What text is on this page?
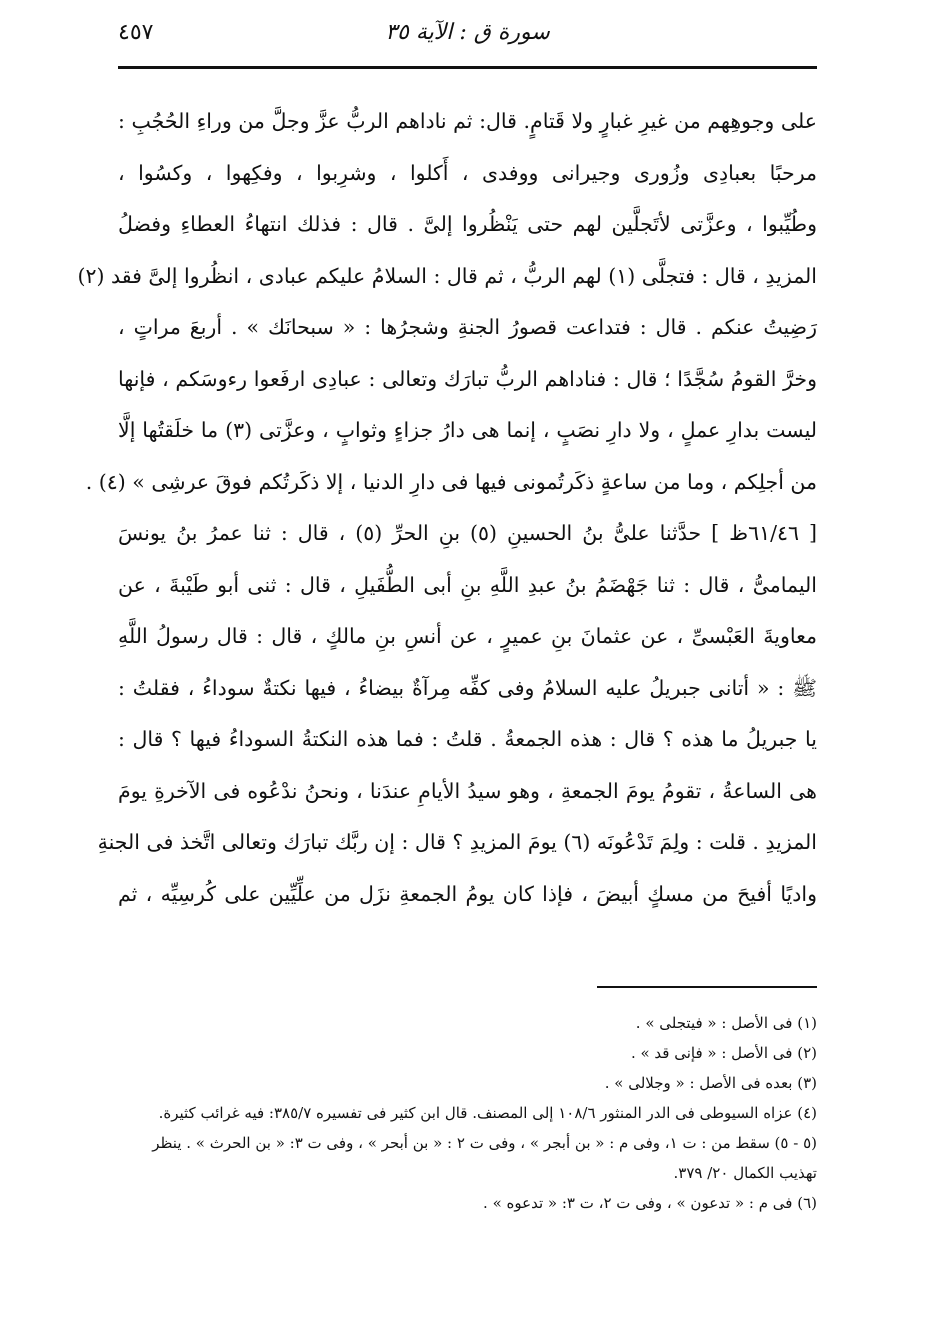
سورة ق : الآية ٣٥
٤٥٧
على وجوهِهم من غيرِ غبارٍ ولا قَتامٍ. قال: ثم ناداهم الربُّ عزَّ وجلَّ من وراءِ الحُجُبِ :
مرحبًا بعبادِى وزُورى وجيرانى ووفدى ، أَكلوا ، وشرِبوا ، وفكِهوا ، وكسُوا ،
وطُيِّبوا ، وعزَّتى لأتَجلَّين لهم حتى يَنْظُروا إلىَّ . قال : فذلك انتهاءُ العطاءِ وفضلُ
المزيدِ ، قال : فتجلَّى (١) لهم الربُّ ، ثم قال : السلامُ عليكم عبادى ، انظُروا إلىَّ فقد (٢)
رَضِيتُ عنكم . قال : فتداعت قصورُ الجنةِ وشجرُها : « سبحانَك » . أربعَ مراتٍ ،
وخرَّ القومُ سُجَّدًا ؛ قال : فناداهم الربُّ تبارَك وتعالى : عبادِى ارفَعوا رءوسَكم ، فإنها
ليست بدارِ عملٍ ، ولا دارِ نصَبٍ ، إنما هى دارُ جزاءٍ وثوابٍ ، وعزَّتى (٣) ما خلَقتُها إلَّا
من أجلِكم ، وما من ساعةٍ ذكَرتُمونى فيها فى دارِ الدنيا ، إلا ذكَرتُكم فوقَ عرشِى » (٤) .
[ ٦١/٤٦ظ ] حدَّثنا علىُّ بنُ الحسينِ (٥) بنِ الحرِّ (٥) ، قال : ثنا عمرُ بنُ يونسَ
اليمامىُّ ، قال : ثنا جَهْضَمُ بنُ عبدِ اللَّهِ بنِ أبى الطُّفَيلِ ، قال : ثنى أبو طَيْبةَ ، عن
معاويةَ العَبْسىِّ ، عن عثمانَ بنِ عميرٍ ، عن أنسِ بنِ مالكٍ ، قال : قال رسولُ اللَّهِ
ﷺ : « أتانى جبريلُ عليه السلامُ وفى كفِّه مِرآةٌ بيضاءُ ، فيها نكتةٌ سوداءُ ، فقلتُ :
يا جبريلُ ما هذه ؟ قال : هذه الجمعةُ . قلتُ : فما هذه النكتةُ السوداءُ فيها ؟ قال :
هى الساعةُ ، تقومُ يومَ الجمعةِ ، وهو سيدُ الأيامِ عندَنا ، ونحنُ ندْعُوه فى الآخرةِ يومَ
المزيدِ . قلت : ولِمَ تَدْعُونَه (٦) يومَ المزيدِ ؟ قال : إن ربَّك تبارَك وتعالى اتَّخذ فى الجنةِ
واديًا أفيحَ من مسكٍ أبيضَ ، فإذا كان يومُ الجمعةِ نزَل من علِّيِّين على كُرسِيِّه ، ثم
(١) فى الأصل : « فيتجلى » .
(٢) فى الأصل : « فإنى قد » .
(٣) بعده فى الأصل : « وجلالى » .
(٤) عزاه السيوطى فى الدر المنثور ١٠٨/٦ إلى المصنف. قال ابن كثير فى تفسيره ٣٨٥/٧: فيه غرائب كثيرة.
(٥ - ٥) سقط من : ت ١، وفى م : « بن أبجر » ، وفى ت ٢ : « بن أبحر » ، وفى ت ٣: « بن الحرث » . ينظر
تهذيب الكمال ٢٠/ ٣٧٩.
(٦) فى م : « تدعون » ، وفى ت ٢، ت ٣: « تدعوه » .
